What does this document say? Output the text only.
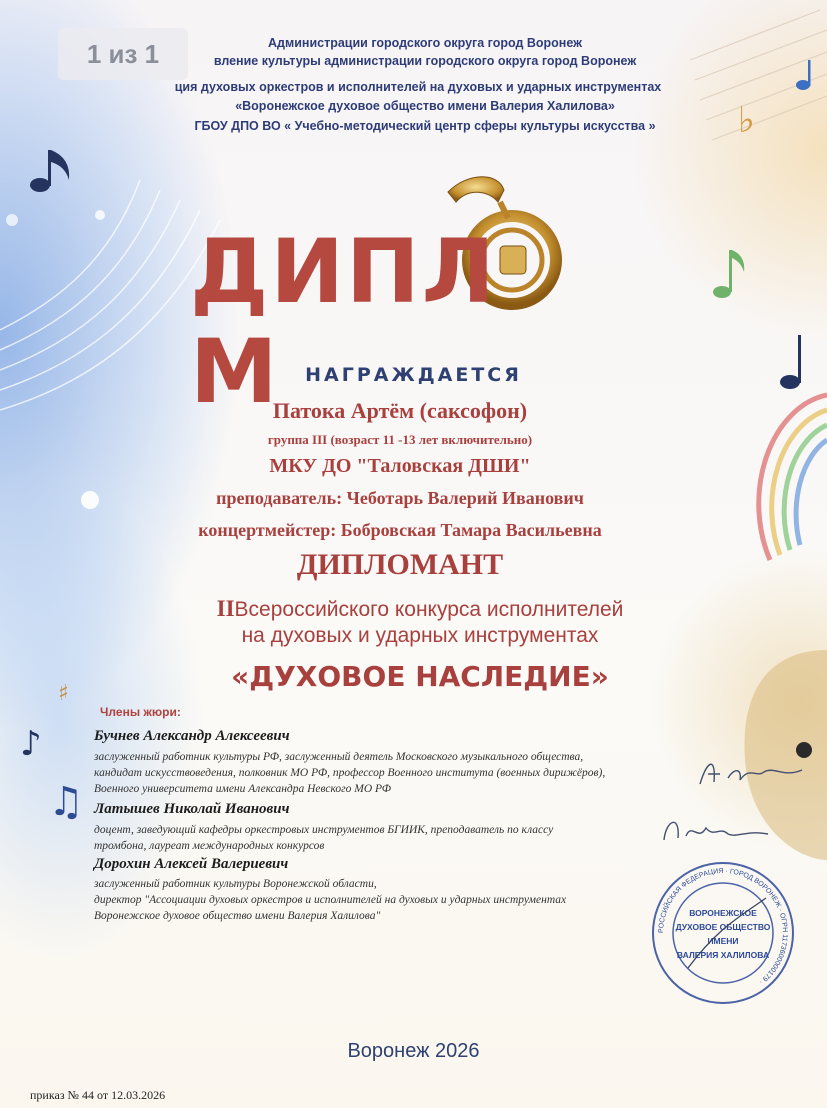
♭
♯
♪
♫
1 из 1	Администрации городского округа город Воронеж
вление культуры администрации городского округа город Воронеж
ция духовых оркестров и исполнителей на духовых и ударных инструментах
«Воронежское духовое общество имени Валерия Халилова»
ГБОУ ДПО ВО « Учебно-методический центр сферы культуры искусства »
ДИПЛМ	НАГРАЖДАЕТСЯ
Патока Артём (саксофон)
группа III (возраст 11 -13 лет включительно)
МКУ ДО "Таловская ДШИ"
преподаватель: Чеботарь Валерий Иванович
концертмейстер: Бобровская Тамара Васильевна
ДИПЛОМАНТ
IIВсероссийского конкурса исполнителей
на духовых и ударных инструментах
«ДУХОВОЕ НАСЛЕДИЕ»
Члены жюри:
Бучнев Александр Алексеевич
заслуженный работник культуры РФ, заслуженный деятель Московского музыкального общества,
кандидат искусствоведения, полковник МО РФ, профессор Военного института (военных дирижёров),
Военного университета имени Александра Невского МО РФ
Латышев Николай Иванович
доцент, заведующий кафедры оркестровых инструментов БГИИК, преподаватель по классу
тромбона, лауреат международных конкурсов
Дорохин Алексей Валериевич
заслуженный работник культуры Воронежской области,
директор "Ассоциации духовых оркестров и исполнителей на духовых и ударных инструментах
Воронежское духовое общество имени Валерия Халилова"
РОССИЙСКАЯ ФЕДЕРАЦИЯ · ГОРОД ВОРОНЕЖ · ОГРН 1173600000179 ·
ВОРОНЕЖСКОЕ
ДУХОВОЕ ОБЩЕСТВО
ИМЕНИ
ВАЛЕРИЯ ХАЛИЛОВА
Воронеж 2026
приказ № 44 от 12.03.2026
